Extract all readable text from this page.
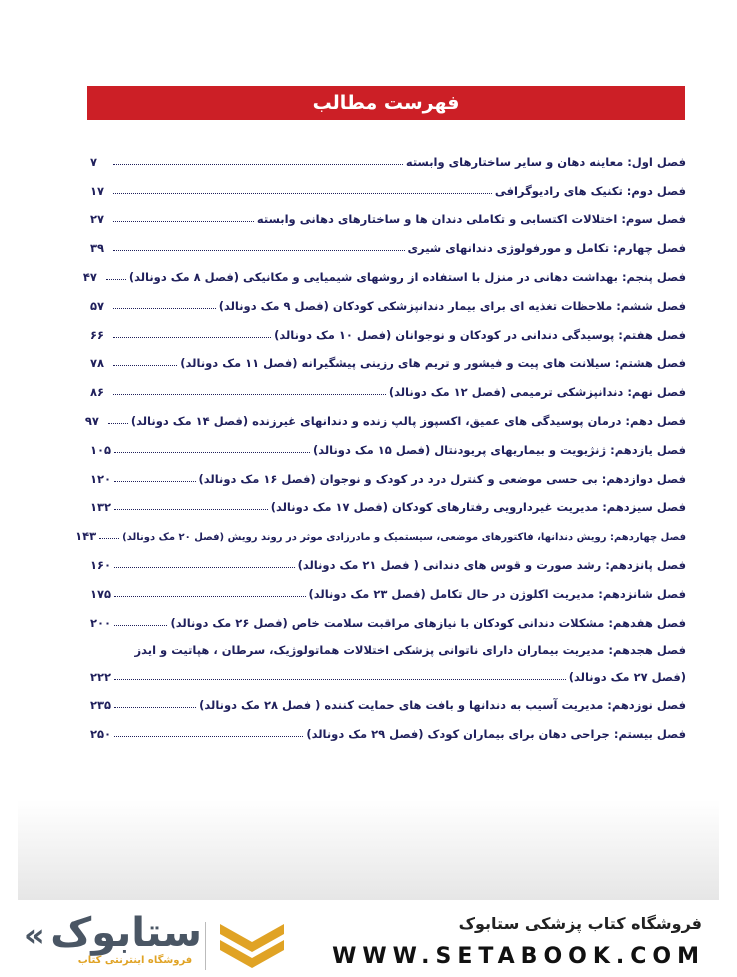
فهرست مطالب
فصل اول: معاینه دهان و سایر ساختارهای وابسته
۷
فصل دوم: تکنیک های رادیوگرافی
۱۷
فصل سوم: اختلالات اکتسابی و تکاملی دندان ها و ساختارهای دهانی وابسته
۲۷
فصل چهارم: تکامل و مورفولوژی دندانهای شیری
۳۹
فصل پنجم: بهداشت دهانی در منزل با استفاده از روشهای شیمیایی و مکانیکی (فصل ۸ مک دونالد)
۴۷
فصل ششم: ملاحظات تغذیه ای برای بیمار دندانپزشکی کودکان (فصل ۹ مک دونالد)
۵۷
فصل هفتم: پوسیدگی دندانی در کودکان و نوجوانان (فصل ۱۰ مک دونالد)
۶۶
فصل هشتم: سیلانت های پیت و فیشور و تریم های رزینی پیشگیرانه (فصل ۱۱ مک دونالد)
۷۸
فصل نهم: دندانپزشکی ترمیمی (فصل ۱۲ مک دونالد)
۸۶
فصل دهم: درمان پوسیدگی های عمیق، اکسپوز پالپ زنده و دندانهای غیرزنده (فصل ۱۴ مک دونالد)
۹۷
فصل یازدهم: ژنژیویت و بیماریهای پریودنتال (فصل ۱۵ مک دونالد)
۱۰۵
فصل دوازدهم: بی حسی موضعی و کنترل درد در کودک و نوجوان (فصل ۱۶ مک دونالد)
۱۲۰
فصل سیزدهم: مدیریت غیردارویی رفتارهای کودکان (فصل ۱۷ مک دونالد)
۱۳۲
فصل چهاردهم: رویش دندانها، فاکتورهای موضعی، سیستمیک و مادرزادی موثر در روند رویش (فصل ۲۰ مک دونالد)
۱۴۳
فصل پانزدهم: رشد صورت و قوس های دندانی ( فصل ۲۱ مک دونالد)
۱۶۰
فصل شانزدهم: مدیریت اکلوژن در حال تکامل (فصل ۲۳ مک دونالد)
۱۷۵
فصل هفدهم: مشکلات دندانی کودکان با نیازهای مراقبت سلامت خاص (فصل ۲۶ مک دونالد)
۲۰۰
فصل هجدهم: مدیریت بیماران دارای ناتوانی پزشکی اختلالات هماتولوژیک، سرطان ، هپاتیت و ایدز
(فصل ۲۷ مک دونالد)
۲۲۲
فصل نوزدهم: مدیریت آسیب به دندانها و بافت های حمایت کننده ( فصل ۲۸ مک دونالد)
۲۳۵
فصل بیستم: جراحی دهان برای بیماران کودک (فصل ۲۹ مک دونالد)
۲۵۰
فروشگاه کتاب پزشکی ستابوک
WWW.SETABOOK.COM
« ستابوک
فروشگاه اینترنتی کتاب
